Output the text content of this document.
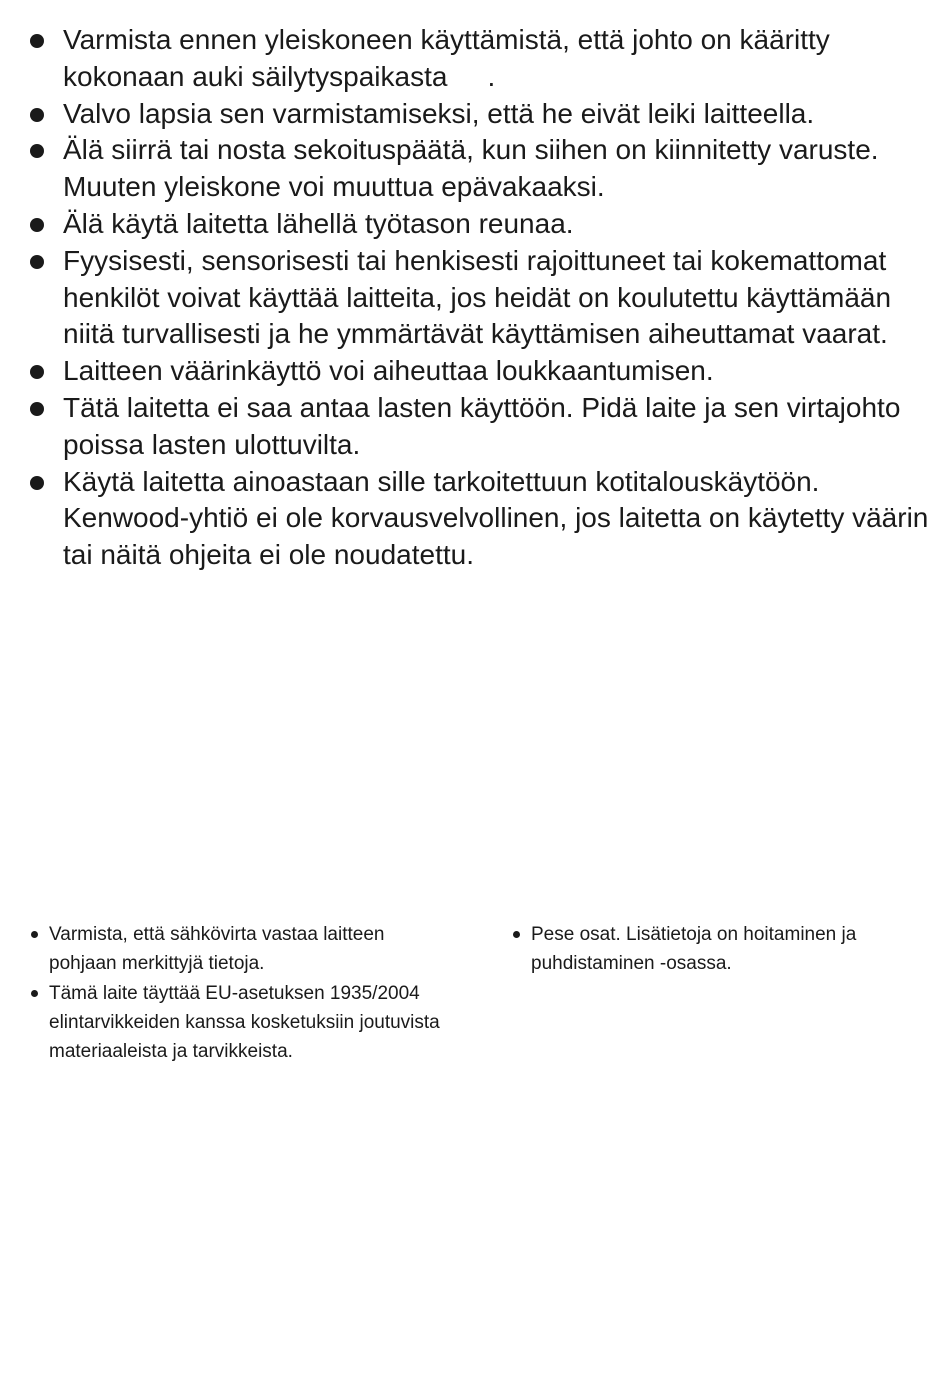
Varmista ennen yleiskoneen käyttämistä, että johto on kääritty kokonaan auki säilytyspaikasta .
Valvo lapsia sen varmistamiseksi, että he eivät leiki laitteella.
Älä siirrä tai nosta sekoituspäätä, kun siihen on kiinnitetty varuste. Muuten yleiskone voi muuttua epävakaaksi.
Älä käytä laitetta lähellä työtason reunaa.
Fyysisesti, sensorisesti tai henkisesti rajoittuneet tai kokemattomat henkilöt voivat käyttää laitteita, jos heidät on koulutettu käyttämään niitä turvallisesti ja he ymmärtävät käyttämisen aiheuttamat vaarat.
Laitteen väärinkäyttö voi aiheuttaa loukkaantumisen.
Tätä laitetta ei saa antaa lasten käyttöön. Pidä laite ja sen virtajohto poissa lasten ulottuvilta.
Käytä laitetta ainoastaan sille tarkoitettuun kotitalouskäytöön. Kenwood-yhtiö ei ole korvausvelvollinen, jos laitetta on käytetty väärin tai näitä ohjeita ei ole noudatettu.
Varmista, että sähkövirta vastaa laitteen pohjaan merkittyjä tietoja.
Tämä laite täyttää EU-asetuksen 1935/2004 elintarvikkeiden kanssa kosketuksiin joutuvista materiaaleista ja tarvikkeista.
Pese osat. Lisätietoja on hoitaminen ja puhdistaminen -osassa.
